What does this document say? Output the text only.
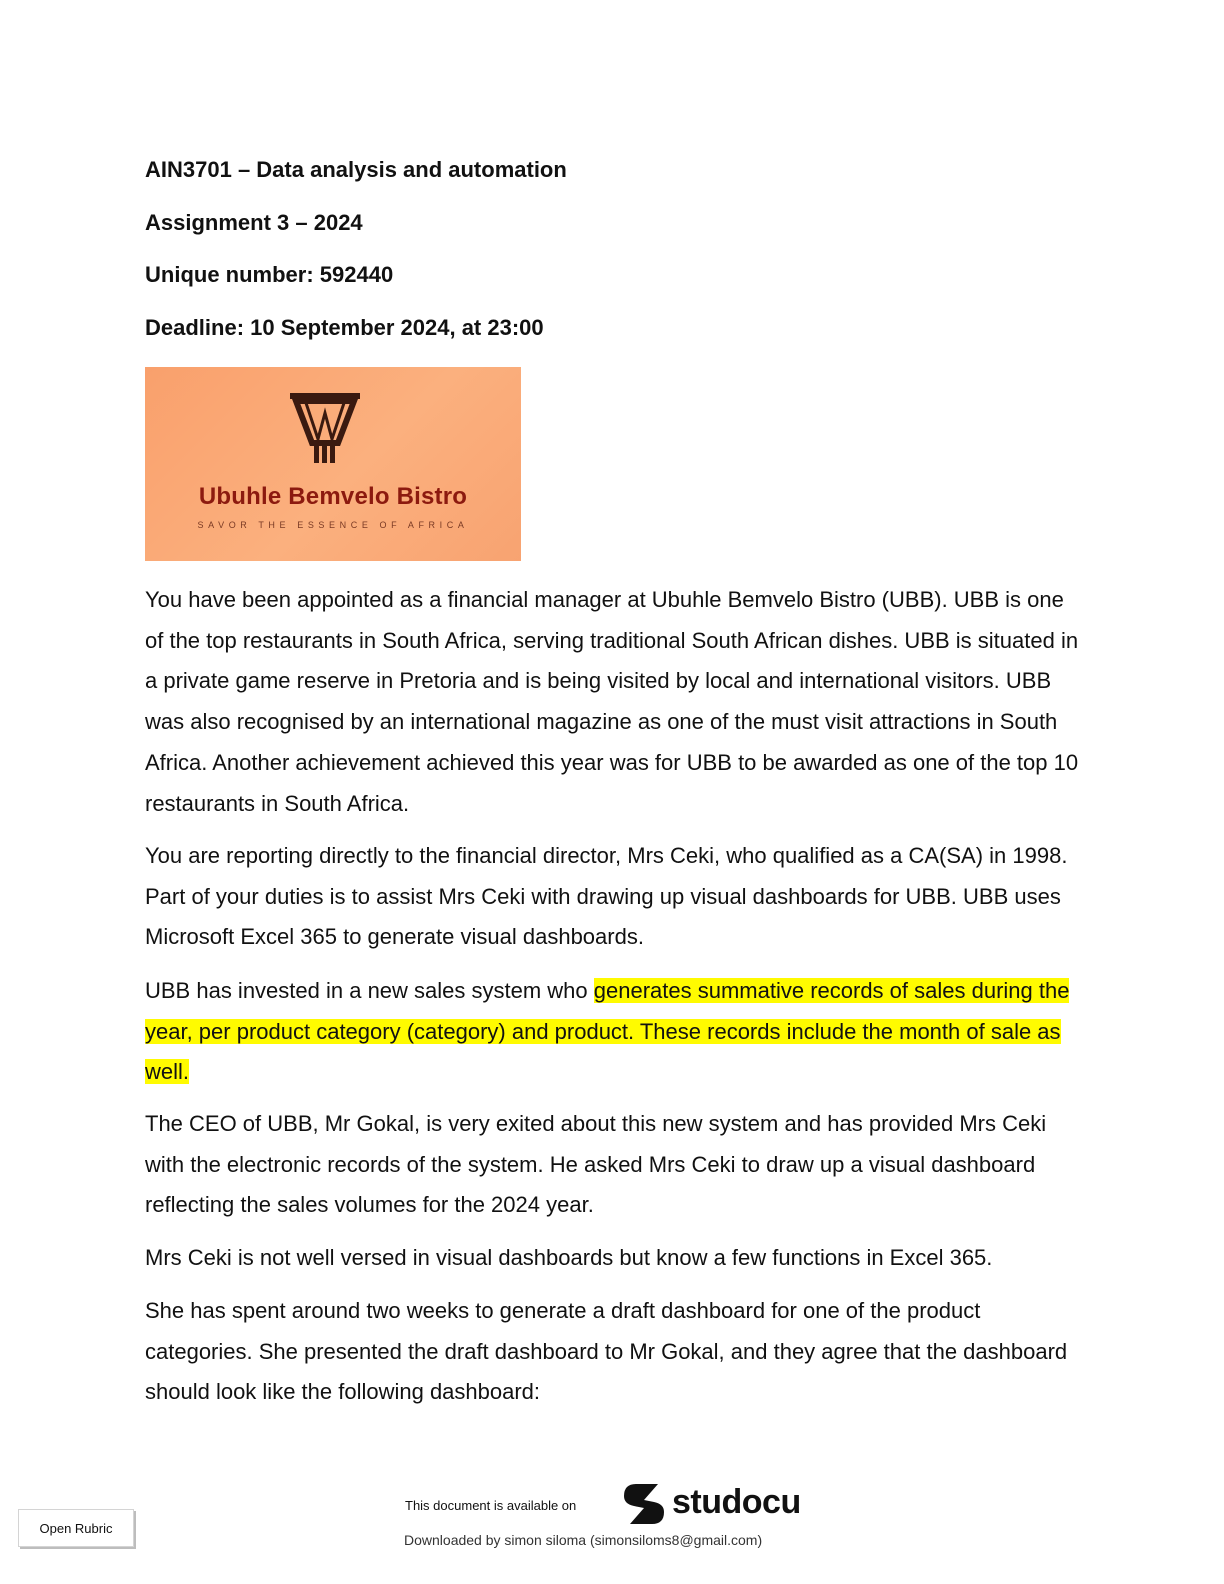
AIN3701 – Data analysis and automation
Assignment 3 – 2024
Unique number: 592440
Deadline: 10 September 2024, at 23:00
Ubuhle Bemvelo Bistro
SAVOR THE ESSENCE OF AFRICA

You have been appointed as a financial manager at Ubuhle Bemvelo Bistro (UBB). UBB is one of the top restaurants in South Africa, serving traditional South African dishes. UBB is situated in a private game reserve in Pretoria and is being visited by local and international visitors. UBB was also recognised by an international magazine as one of the must visit attractions in South Africa. Another achievement achieved this year was for UBB to be awarded as one of the top 10 restaurants in South Africa.

You are reporting directly to the financial director, Mrs Ceki, who qualified as a CA(SA) in 1998. Part of your duties is to assist Mrs Ceki with drawing up visual dashboards for UBB. UBB uses Microsoft Excel 365 to generate visual dashboards.

UBB has invested in a new sales system who generates summative records of sales during the year, per product category (category) and product. These records include the month of sale as well.

The CEO of UBB, Mr Gokal, is very exited about this new system and has provided Mrs Ceki with the electronic records of the system. He asked Mrs Ceki to draw up a visual dashboard reflecting the sales volumes for the 2024 year.

Mrs Ceki is not well versed in visual dashboards but know a few functions in Excel 365.

She has spent around two weeks to generate a draft dashboard for one of the product categories. She presented the draft dashboard to Mr Gokal, and they agree that the dashboard should look like the following dashboard:

This document is available on	studocu
Downloaded by simon siloma (simonsiloms8@gmail.com)
Open Rubric
